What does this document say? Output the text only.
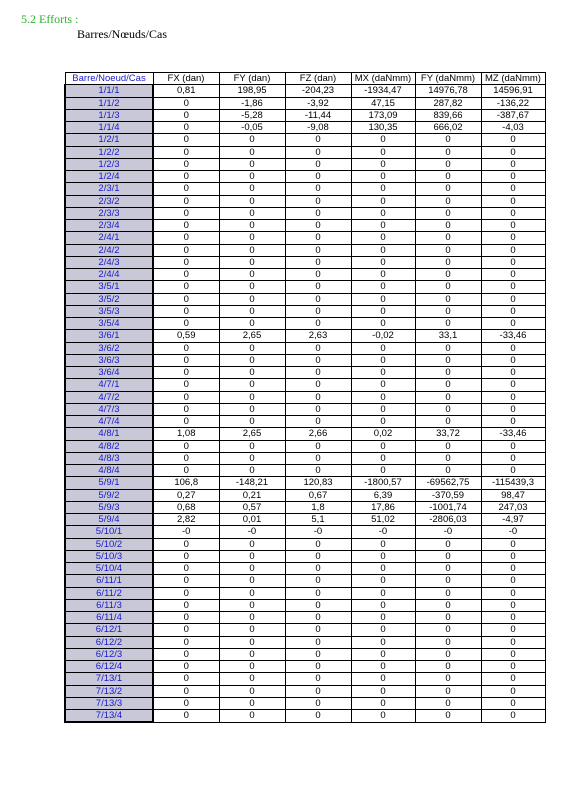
5.2 Efforts :
Barres/Nœuds/Cas
Barre/Noeud/Cas	FX (dan)	FY (dan)	FZ (dan)	MX (daNmm)	FY (daNmm)	MZ (daNmm)
1/1/1	0,81	198,95	-204,23	-1934,47	14976,78	14596,91
1/1/2	0	-1,86	-3,92	47,15	287,82	-136,22
1/1/3	0	-5,28	-11,44	173,09	839,66	-387,67
1/1/4	0	-0,05	-9,08	130,35	666,02	-4,03
1/2/1	0	0	0	0	0	0
1/2/2	0	0	0	0	0	0
1/2/3	0	0	0	0	0	0
1/2/4	0	0	0	0	0	0
2/3/1	0	0	0	0	0	0
2/3/2	0	0	0	0	0	0
2/3/3	0	0	0	0	0	0
2/3/4	0	0	0	0	0	0
2/4/1	0	0	0	0	0	0
2/4/2	0	0	0	0	0	0
2/4/3	0	0	0	0	0	0
2/4/4	0	0	0	0	0	0
3/5/1	0	0	0	0	0	0
3/5/2	0	0	0	0	0	0
3/5/3	0	0	0	0	0	0
3/5/4	0	0	0	0	0	0
3/6/1	0,59	2,65	2,63	-0,02	33,1	-33,46
3/6/2	0	0	0	0	0	0
3/6/3	0	0	0	0	0	0
3/6/4	0	0	0	0	0	0
4/7/1	0	0	0	0	0	0
4/7/2	0	0	0	0	0	0
4/7/3	0	0	0	0	0	0
4/7/4	0	0	0	0	0	0
4/8/1	1,08	2,65	2,66	0,02	33,72	-33,46
4/8/2	0	0	0	0	0	0
4/8/3	0	0	0	0	0	0
4/8/4	0	0	0	0	0	0
5/9/1	106,8	-148,21	120,83	-1800,57	-69562,75	-115439,3
5/9/2	0,27	0,21	0,67	6,39	-370,59	98,47
5/9/3	0,68	0,57	1,8	17,86	-1001,74	247,03
5/9/4	2,82	0,01	5,1	51,02	-2806,03	-4,97
5/10/1	-0	-0	-0	-0	-0	-0
5/10/2	0	0	0	0	0	0
5/10/3	0	0	0	0	0	0
5/10/4	0	0	0	0	0	0
6/11/1	0	0	0	0	0	0
6/11/2	0	0	0	0	0	0
6/11/3	0	0	0	0	0	0
6/11/4	0	0	0	0	0	0
6/12/1	0	0	0	0	0	0
6/12/2	0	0	0	0	0	0
6/12/3	0	0	0	0	0	0
6/12/4	0	0	0	0	0	0
7/13/1	0	0	0	0	0	0
7/13/2	0	0	0	0	0	0
7/13/3	0	0	0	0	0	0
7/13/4	0	0	0	0	0	0
